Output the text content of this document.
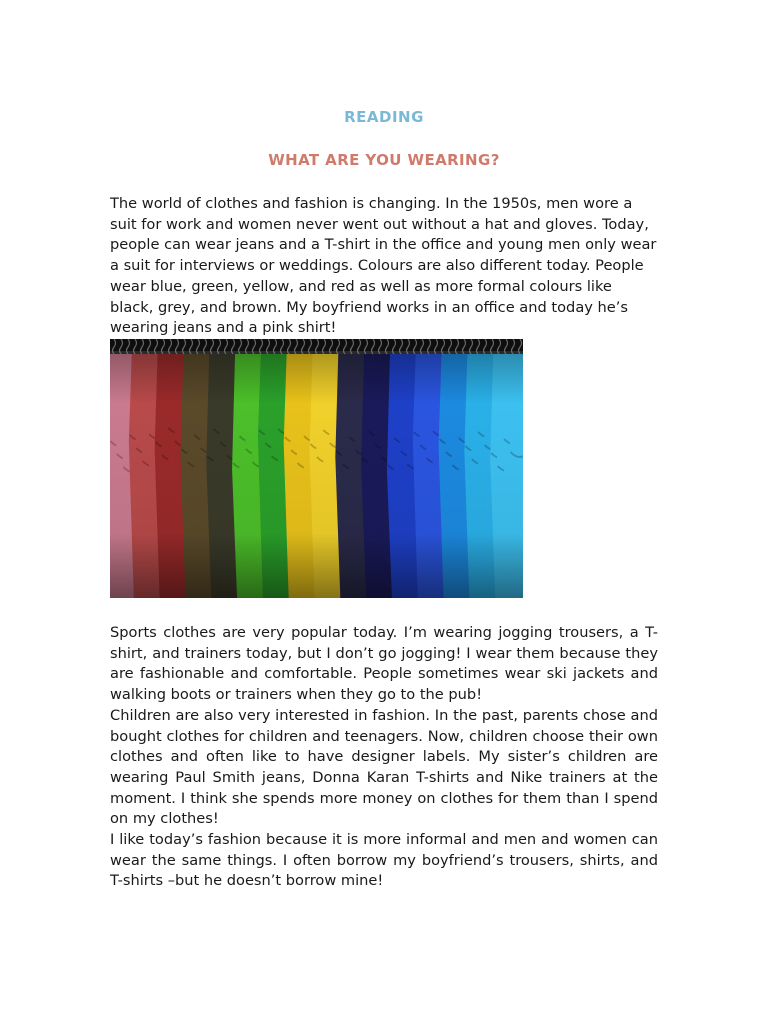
READING
WHAT ARE YOU WEARING?

The world of clothes and fashion is changing. In the 1950s, men wore a suit for work and women never went out without a hat and gloves. Today, people can wear jeans and a T-shirt in the office and young men only wear a suit for interviews or weddings. Colours are also different today. People wear blue, green, yellow, and red as well as more formal colours like black, grey, and brown. My boyfriend works in an office and today he’s wearing jeans and a pink shirt!

Sports clothes are very popular today. I’m wearing jogging trousers, a T-shirt, and trainers today, but I don’t go jogging! I wear them because they are fashionable and comfortable. People sometimes wear ski jackets and walking boots or trainers when they go to the pub!
Children are also very interested in fashion. In the past, parents chose and bought clothes for children and teenagers. Now, children choose their own clothes and often like to have designer labels. My sister’s children are wearing Paul Smith jeans, Donna Karan T-shirts and Nike trainers at the moment. I think she spends more money on clothes for them than I spend on my clothes!
I like today’s fashion because it is more informal and men and women can wear the same things. I often borrow my boyfriend’s trousers, shirts, and T-shirts –but he doesn’t borrow mine!
